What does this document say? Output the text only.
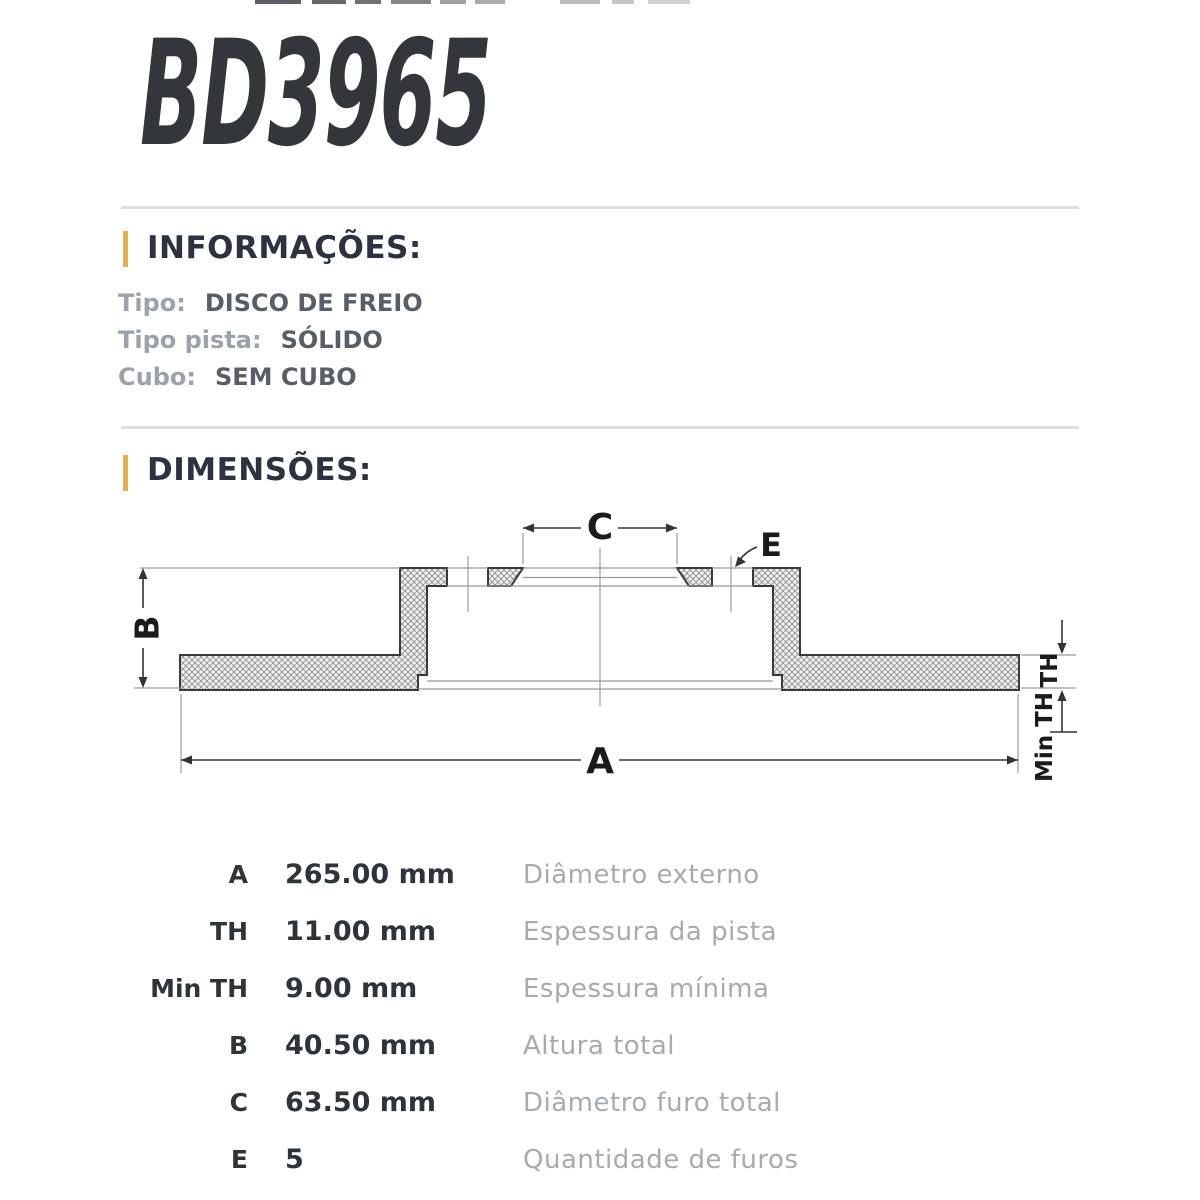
BD3965
INFORMAÇÕES:
Tipo: DISCO DE FREIO
Tipo pista: SÓLIDO
Cubo: SEM CUBO
DIMENSÕES:
C	E
B
A
TH
Min TH
A 265.00 mm	Diâmetro externo
TH 11.00 mm	Espessura da pista
Min TH 9.00 mm	Espessura mínima
B 40.50 mm	Altura total
C 63.50 mm	Diâmetro furo total
E 5	Quantidade de furos
